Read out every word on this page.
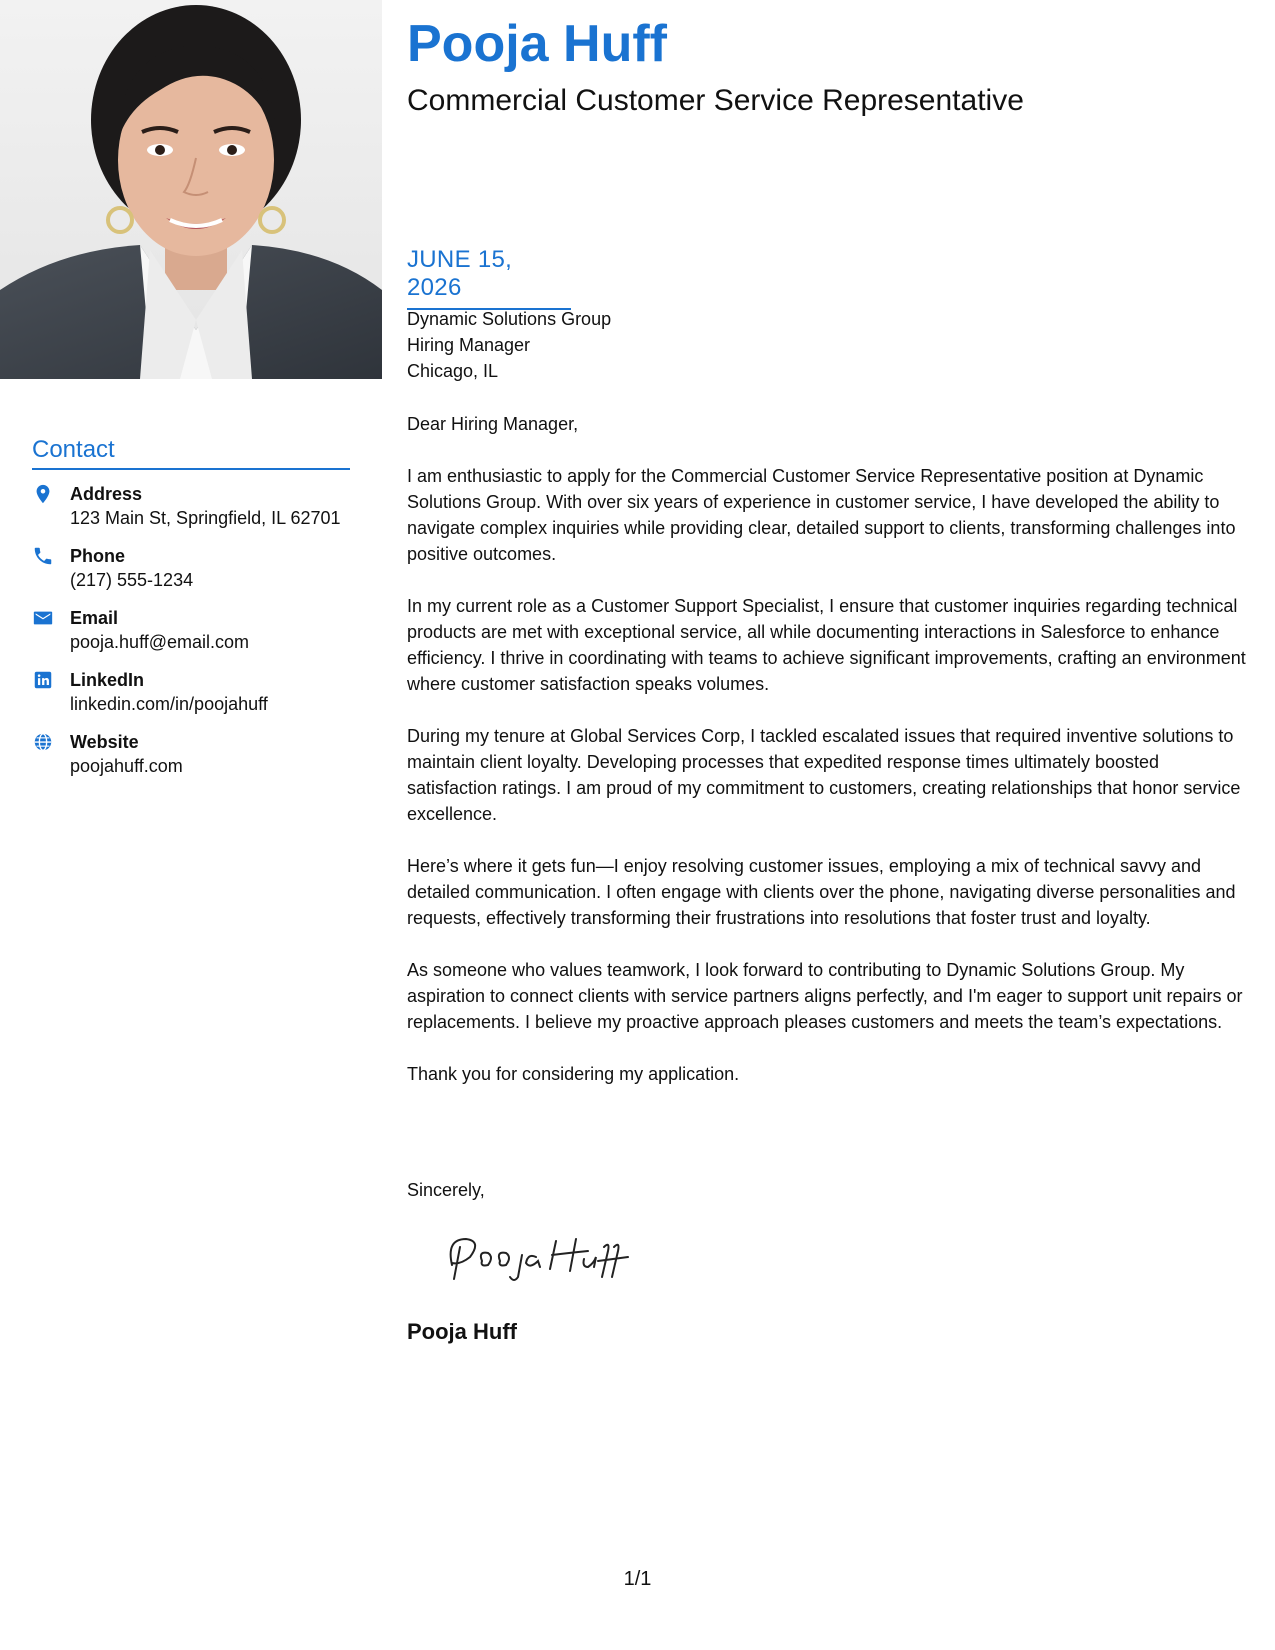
Pooja Huff
Commercial Customer Service Representative
JUNE 15, 2026
Dynamic Solutions Group
Hiring Manager
Chicago, IL

Dear Hiring Manager,

I am enthusiastic to apply for the Commercial Customer Service Representative position at Dynamic Solutions Group. With over six years of experience in customer service, I have developed the ability to navigate complex inquiries while providing clear, detailed support to clients, transforming challenges into positive outcomes.

In my current role as a Customer Support Specialist, I ensure that customer inquiries regarding technical products are met with exceptional service, all while documenting interactions in Salesforce to enhance efficiency. I thrive in coordinating with teams to achieve significant improvements, crafting an environment where customer satisfaction speaks volumes.

During my tenure at Global Services Corp, I tackled escalated issues that required inventive solutions to maintain client loyalty. Developing processes that expedited response times ultimately boosted satisfaction ratings. I am proud of my commitment to customers, creating relationships that honor service excellence.

Here’s where it gets fun—I enjoy resolving customer issues, employing a mix of technical savvy and detailed communication. I often engage with clients over the phone, navigating diverse personalities and requests, effectively transforming their frustrations into resolutions that foster trust and loyalty.

As someone who values teamwork, I look forward to contributing to Dynamic Solutions Group. My aspiration to connect clients with service partners aligns perfectly, and I'm eager to support unit repairs or replacements. I believe my proactive approach pleases customers and meets the team’s expectations.

Thank you for considering my application.

Sincerely,
Pooja Huff
Contact
Address
123 Main St, Springfield, IL 62701
Phone
(217) 555-1234
Email
pooja.huff@email.com
LinkedIn
linkedin.com/in/poojahuff
Website
poojahuff.com
1/1
